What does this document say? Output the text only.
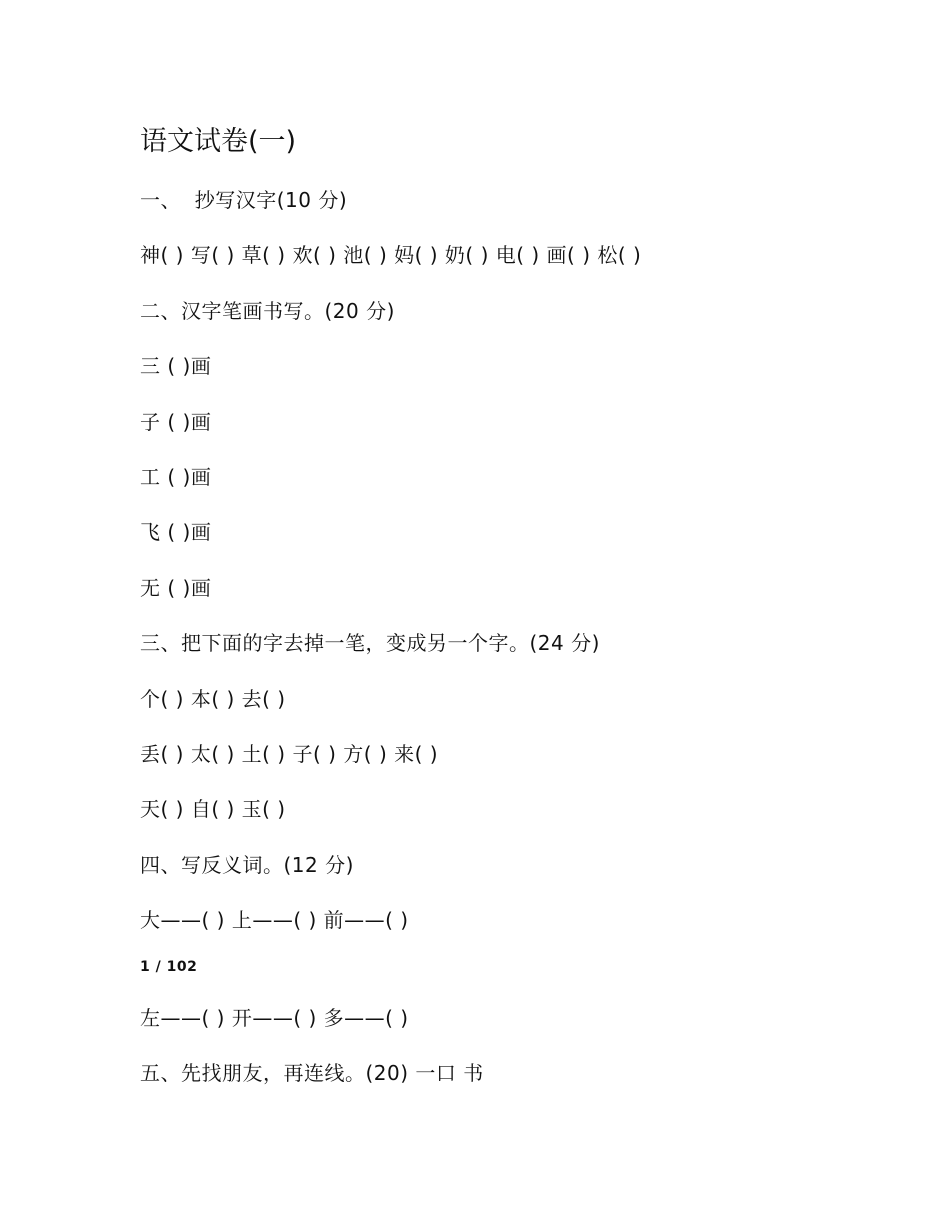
语文试卷(一)
一、  抄写汉字(10 分)
神( ) 写( ) 草( ) 欢( ) 池( ) 妈( ) 奶( ) 电( ) 画( ) 松( )
二、汉字笔画书写。(20 分)
三 ( )画
子 ( )画
工 ( )画
飞 ( )画
无 ( )画
三、把下面的字去掉一笔，变成另一个字。(24 分)
个( ) 本( ) 去( )
丢( ) 太( ) 土( ) 子( ) 方( ) 来( )
天( ) 自( ) 玉( )
四、写反义词。(12 分)
大——( ) 上——( ) 前——( )
1 / 102
左——( ) 开——( ) 多——( )
五、先找朋友，再连线。(20) 一口 书
